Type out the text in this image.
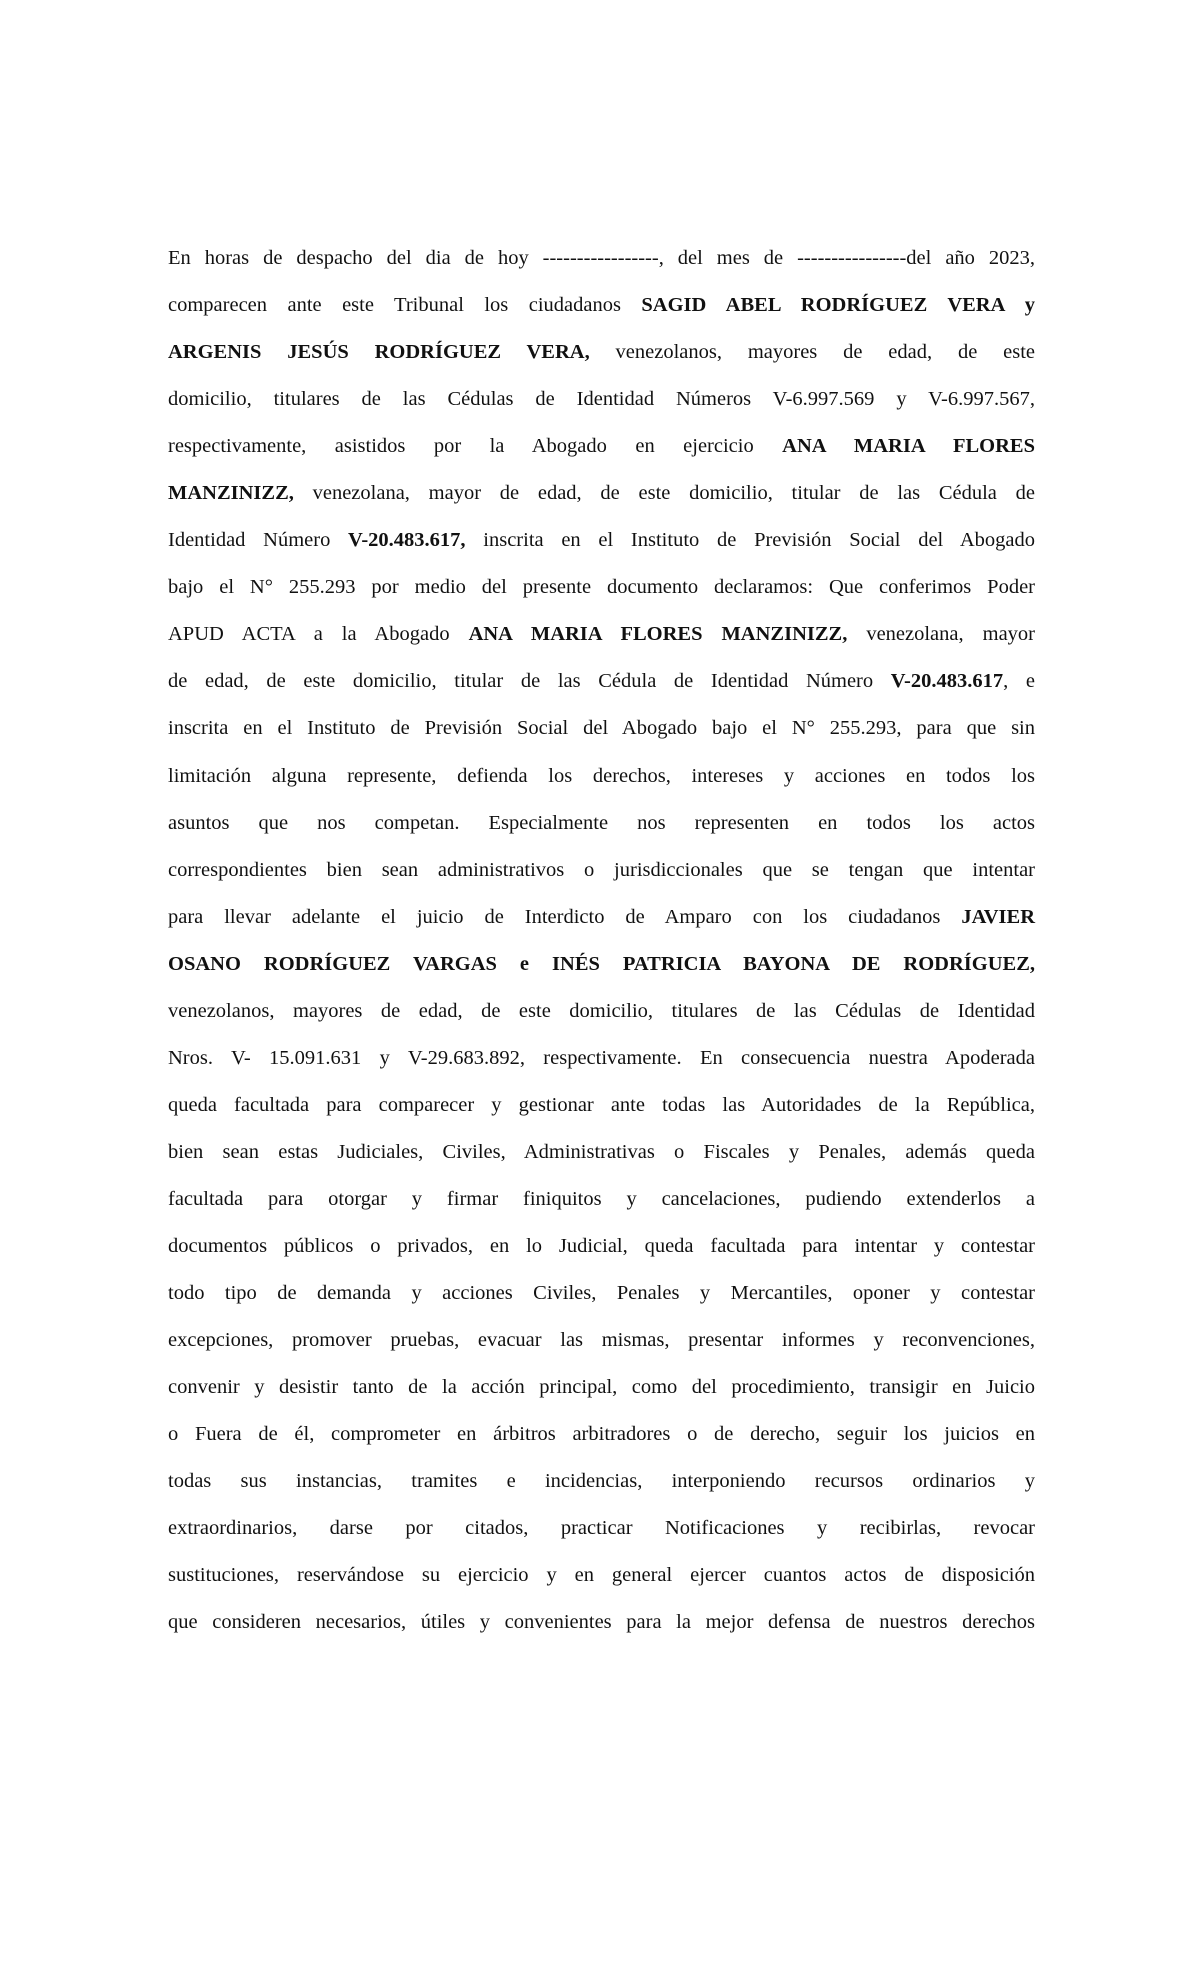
En horas de despacho del dia de hoy -----------------, del mes de ----------------del año 2023,

comparecen ante este Tribunal los ciudadanos SAGID ABEL RODRÍGUEZ VERA y

ARGENIS JESÚS RODRÍGUEZ VERA, venezolanos, mayores de edad, de este

domicilio, titulares de las Cédulas de Identidad Números V-6.997.569 y V-6.997.567,

respectivamente, asistidos por la Abogado en ejercicio ANA MARIA FLORES

MANZINIZZ, venezolana, mayor de edad, de este domicilio, titular de las Cédula de

Identidad Número V-20.483.617, inscrita en el Instituto de Previsión Social del Abogado

bajo el N° 255.293 por medio del presente documento declaramos: Que conferimos Poder

APUD ACTA a la Abogado ANA MARIA FLORES MANZINIZZ, venezolana, mayor

de edad, de este domicilio, titular de las Cédula de Identidad Número V-20.483.617, e

inscrita en el Instituto de Previsión Social del Abogado bajo el N° 255.293, para que sin

limitación alguna represente, defienda los derechos, intereses y acciones en todos los

asuntos que nos competan. Especialmente nos representen en todos los actos

correspondientes bien sean administrativos o jurisdiccionales que se tengan que intentar

para llevar adelante el juicio de Interdicto de Amparo con los ciudadanos JAVIER

OSANO RODRÍGUEZ VARGAS e INÉS PATRICIA BAYONA DE RODRÍGUEZ,

venezolanos, mayores de edad, de este domicilio, titulares de las Cédulas de Identidad

Nros. V- 15.091.631 y V-29.683.892, respectivamente. En consecuencia nuestra Apoderada

queda facultada para comparecer y gestionar ante todas las Autoridades de la República,

bien sean estas Judiciales, Civiles, Administrativas o Fiscales y Penales, además queda

facultada para otorgar y firmar finiquitos y cancelaciones, pudiendo extenderlos a

documentos públicos o privados, en lo Judicial, queda facultada para intentar y contestar

todo tipo de demanda y acciones Civiles, Penales y Mercantiles, oponer y contestar

excepciones, promover pruebas, evacuar las mismas, presentar informes y reconvenciones,

convenir y desistir tanto de la acción principal, como del procedimiento, transigir en Juicio

o Fuera de él, comprometer en árbitros arbitradores o de derecho, seguir los juicios en

todas sus instancias, tramites e incidencias, interponiendo recursos ordinarios y

extraordinarios, darse por citados, practicar Notificaciones y recibirlas, revocar

sustituciones, reservándose su ejercicio y en general ejercer cuantos actos de disposición

que consideren necesarios, útiles y convenientes para la mejor defensa de nuestros derechos
